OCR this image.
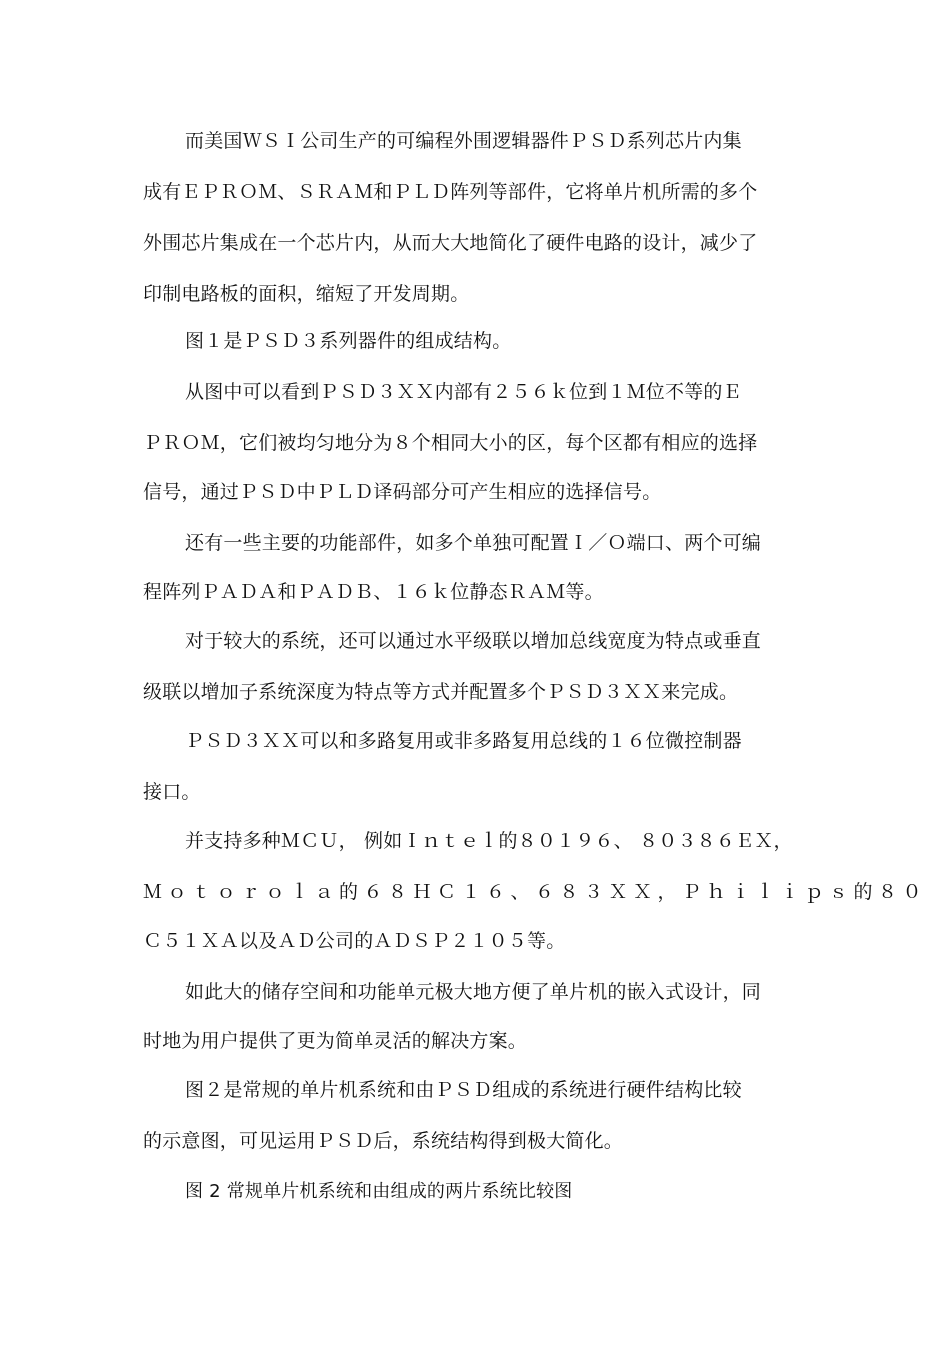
而美国ＷＳＩ公司生产的可编程外围逻辑器件ＰＳＤ系列芯片内集
成有ＥＰＲＯＭ、ＳＲＡＭ和ＰＬＤ阵列等部件，它将单片机所需的多个
外围芯片集成在一个芯片内，从而大大地简化了硬件电路的设计，减少了
印制电路板的面积，缩短了开发周期。
图１是ＰＳＤ３系列器件的组成结构。
从图中可以看到ＰＳＤ３ＸＸ内部有２５６ｋ位到１Ｍ位不等的Ｅ
ＰＲＯＭ，它们被均匀地分为８个相同大小的区，每个区都有相应的选择
信号，通过ＰＳＤ中ＰＬＤ译码部分可产生相应的选择信号。
还有一些主要的功能部件，如多个单独可配置Ｉ／Ｏ端口、两个可编
程阵列ＰＡＤＡ和ＰＡＤＢ、１６ｋ位静态ＲＡＭ等。
对于较大的系统，还可以通过水平级联以增加总线宽度为特点或垂直
级联以增加子系统深度为特点等方式并配置多个ＰＳＤ３ＸＸ来完成。
ＰＳＤ３ＸＸ可以和多路复用或非多路复用总线的１６位微控制器
接口。
并支持多种ＭＣＵ， 例如Ｉｎｔｅｌ的８０１９６、 ８０３８６ＥＸ，
Ｍｏｔｏｒｏｌａ的６８ＨＣ１６、６８３ＸＸ，Ｐｈｉｌｉｐｓ的８０
Ｃ５１ＸＡ以及ＡＤ公司的ＡＤＳＰ２１０５等。
如此大的储存空间和功能单元极大地方便了单片机的嵌入式设计，同
时地为用户提供了更为简单灵活的解决方案。
图２是常规的单片机系统和由ＰＳＤ组成的系统进行硬件结构比较
的示意图，可见运用ＰＳＤ后，系统结构得到极大简化。
图 2 常规单片机系统和由组成的两片系统比较图
